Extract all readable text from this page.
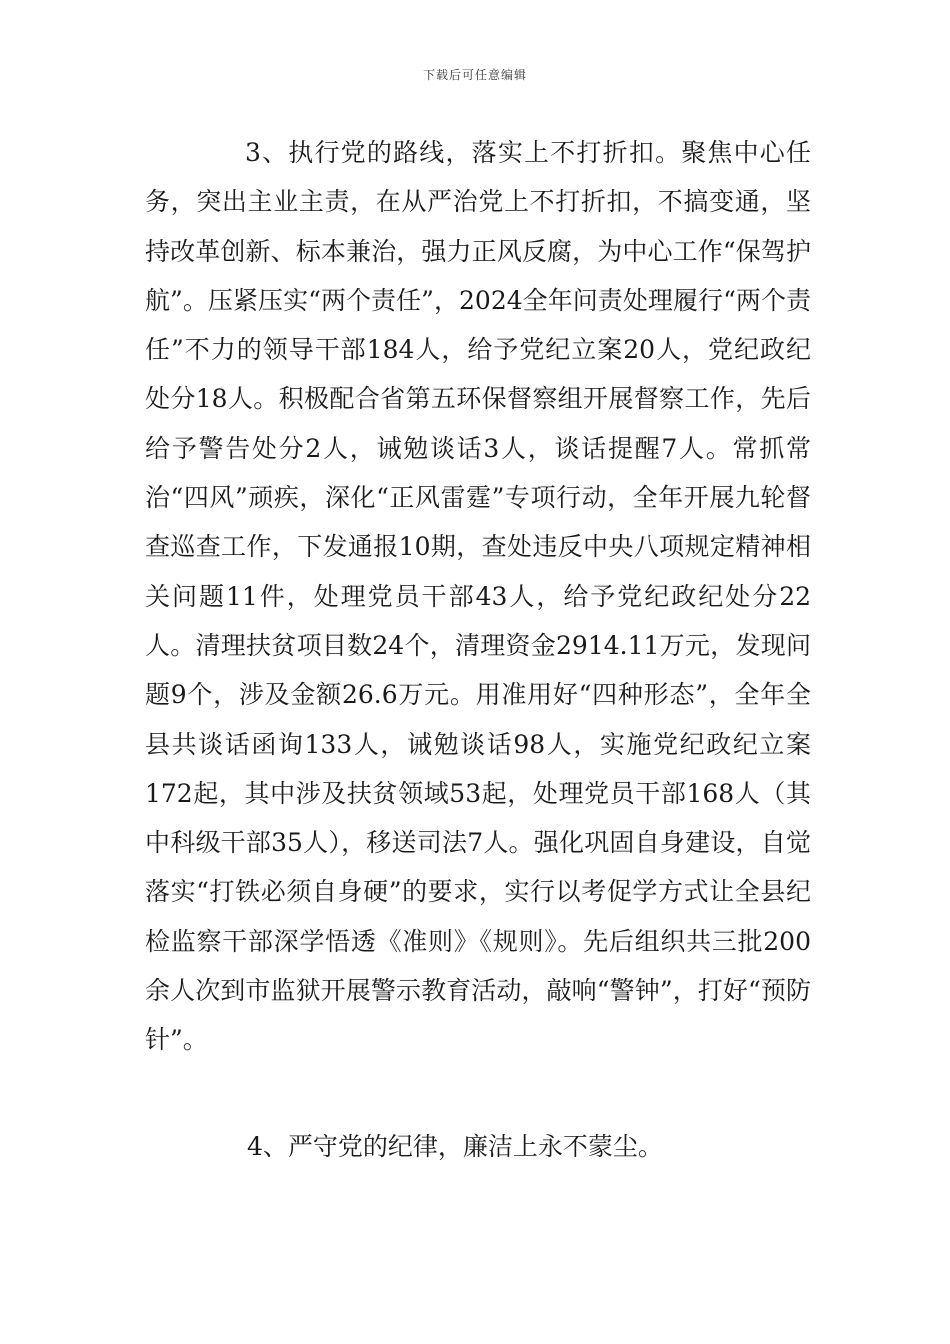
下载后可任意编辑

3、执行党的路线，落实上不打折扣。聚焦中心任务，突出主业主责，在从严治党上不打折扣，不搞变通，坚持改革创新、标本兼治，强力正风反腐，为中心工作“保驾护航”。压紧压实“两个责任”，2024全年问责处理履行“两个责任”不力的领导干部184人，给予党纪立案20人，党纪政纪处分18人。积极配合省第五环保督察组开展督察工作，先后给予警告处分2人，诫勉谈话3人，谈话提醒7人。常抓常治“四风”顽疾，深化“正风雷霆”专项行动，全年开展九轮督查巡查工作，下发通报10期，查处违反中央八项规定精神相关问题11件，处理党员干部43人，给予党纪政纪处分22人。清理扶贫项目数24个，清理资金2914.11万元，发现问题9个，涉及金额26.6万元。用准用好“四种形态”，全年全县共谈话函询133人，诫勉谈话98人，实施党纪政纪立案172起，其中涉及扶贫领域53起，处理党员干部168人（其中科级干部35人），移送司法7人。强化巩固自身建设，自觉落实“打铁必须自身硬”的要求，实行以考促学方式让全县纪检监察干部深学悟透《准则》《规则》。先后组织共三批200余人次到市监狱开展警示教育活动，敲响“警钟”，打好“预防针”。

4、严守党的纪律，廉洁上永不蒙尘。
